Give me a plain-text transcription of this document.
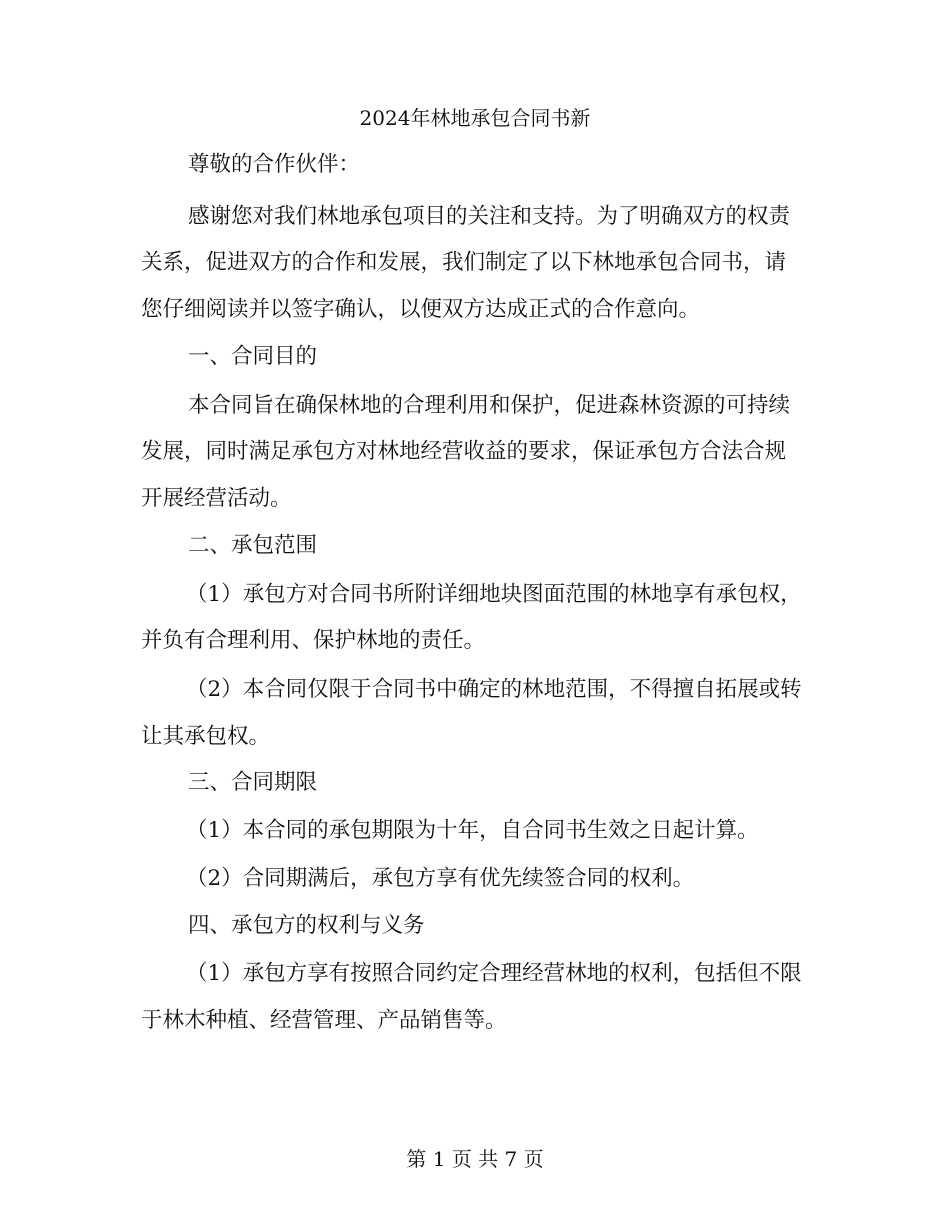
2024年林地承包合同书新
尊敬的合作伙伴：
感谢您对我们林地承包项目的关注和支持。为了明确双方的权责
关系，促进双方的合作和发展，我们制定了以下林地承包合同书，请
您仔细阅读并以签字确认，以便双方达成正式的合作意向。
一、合同目的
本合同旨在确保林地的合理利用和保护，促进森林资源的可持续
发展，同时满足承包方对林地经营收益的要求，保证承包方合法合规
开展经营活动。
二、承包范围
（1）承包方对合同书所附详细地块图面范围的林地享有承包权，
并负有合理利用、保护林地的责任。
（2）本合同仅限于合同书中确定的林地范围，不得擅自拓展或转
让其承包权。
三、合同期限
（1）本合同的承包期限为十年，自合同书生效之日起计算。
（2）合同期满后，承包方享有优先续签合同的权利。
四、承包方的权利与义务
（1）承包方享有按照合同约定合理经营林地的权利，包括但不限
于林木种植、经营管理、产品销售等。
第 1 页 共 7 页
